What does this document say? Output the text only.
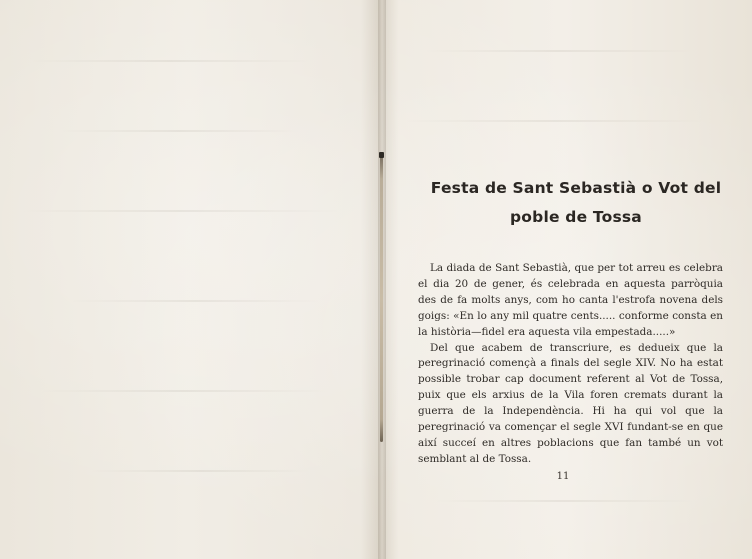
Festa de Sant Sebastià o Vot del poble de Tossa

La diada de Sant Sebastià, que per tot arreu es celebra el dia 20 de gener, és celebrada en aquesta parròquia des de fa molts anys, com ho canta l'estrofa novena dels goigs: «En lo any mil quatre cents..... conforme consta en la història—fidel era aquesta vila empestada.....»

Del que acabem de transcriure, es dedueix que la peregrinació començà a finals del segle XIV. No ha estat possible trobar cap document referent al Vot de Tossa, puix que els arxius de la Vila foren cremats durant la guerra de la Independència. Hi ha qui vol que la peregrinació va començar el segle XVI fundant-se en que així succeí en altres poblacions que fan també un vot semblant al de Tossa.

11
